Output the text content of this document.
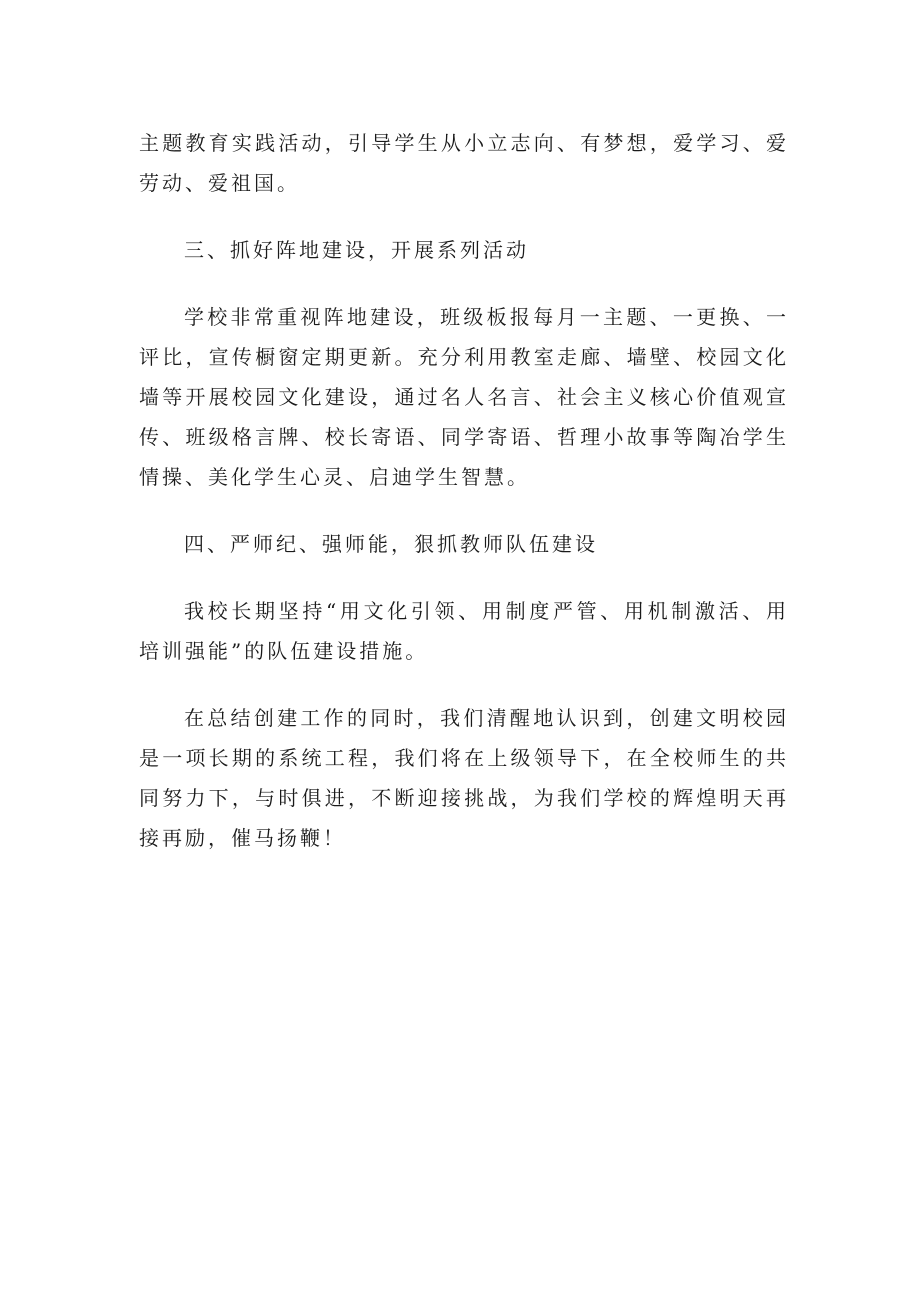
主题教育实践活动，引导学生从小立志向、有梦想，爱学习、爱劳动、爱祖国。

三、抓好阵地建设，开展系列活动

学校非常重视阵地建设，班级板报每月一主题、一更换、一评比，宣传橱窗定期更新。充分利用教室走廊、墙壁、校园文化墙等开展校园文化建设，通过名人名言、社会主义核心价值观宣传、班级格言牌、校长寄语、同学寄语、哲理小故事等陶冶学生情操、美化学生心灵、启迪学生智慧。

四、严师纪、强师能，狠抓教师队伍建设

我校长期坚持“用文化引领、用制度严管、用机制激活、用培训强能”的队伍建设措施。

在总结创建工作的同时，我们清醒地认识到，创建文明校园是一项长期的系统工程，我们将在上级领导下，在全校师生的共同努力下，与时俱进，不断迎接挑战，为我们学校的辉煌明天再接再励，催马扬鞭！
